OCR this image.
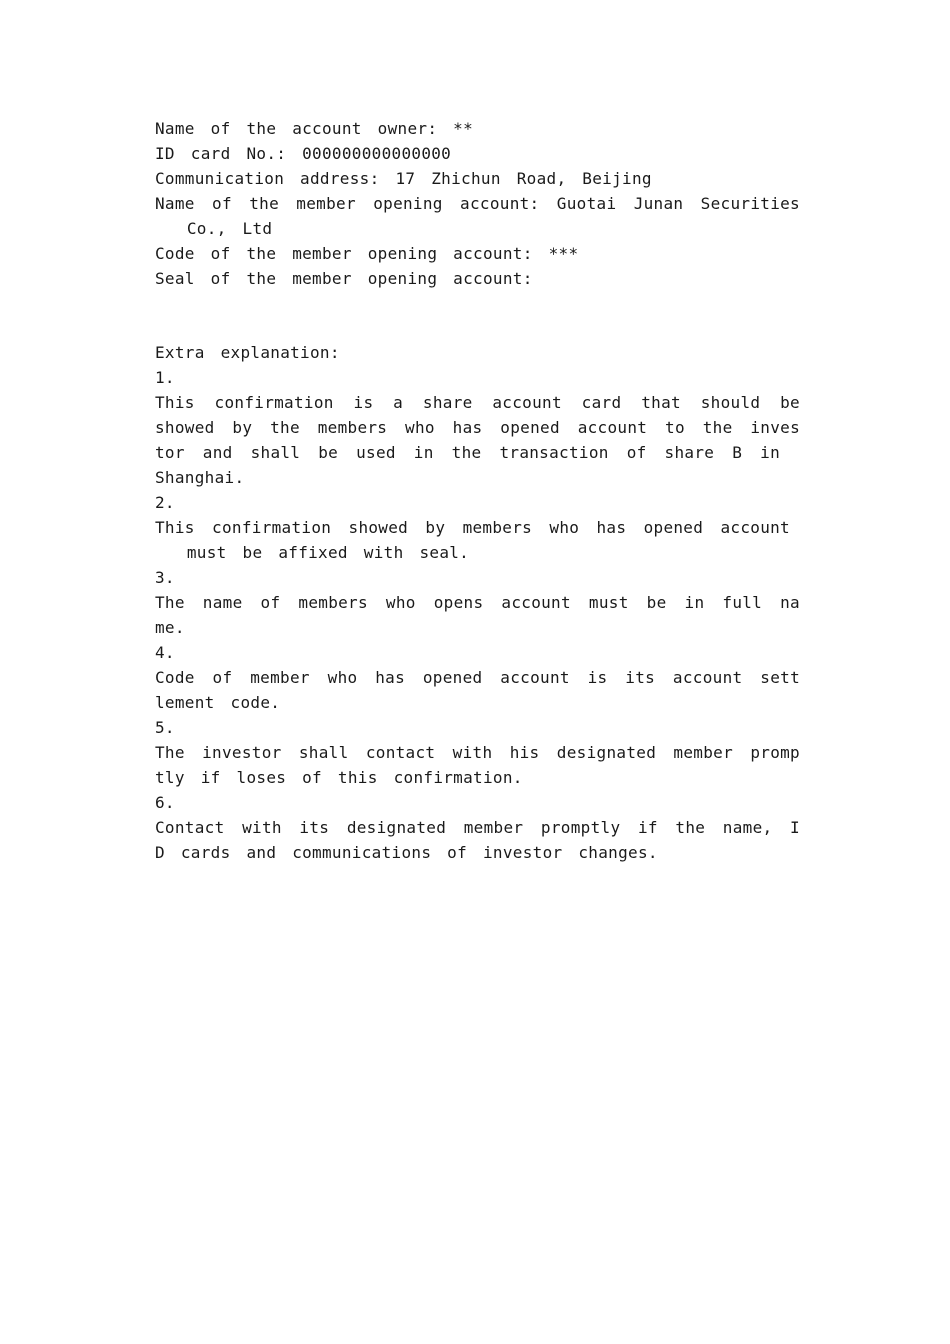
Name of the account owner: **
ID card No.: 000000000000000
Communication address: 17 Zhichun Road, Beijing
Name of the member opening account: Guotai Junan Securities
Co., Ltd
Code of the member opening account: ***
Seal of the member opening account:
Extra explanation:
1.
This confirmation is a share account card that should be
showed by the members who has opened account to the inves
tor and shall be used in the transaction of share B in
Shanghai.
2.
This confirmation showed by members who has opened account
must be affixed with seal.
3.
The name of members who opens account must be in full na
me.
4.
Code of member who has opened account is its account sett
lement code.
5.
The investor shall contact with his designated member promp
tly if loses of this confirmation.
6.
Contact with its designated member promptly if the name, I
D cards and communications of investor changes.
